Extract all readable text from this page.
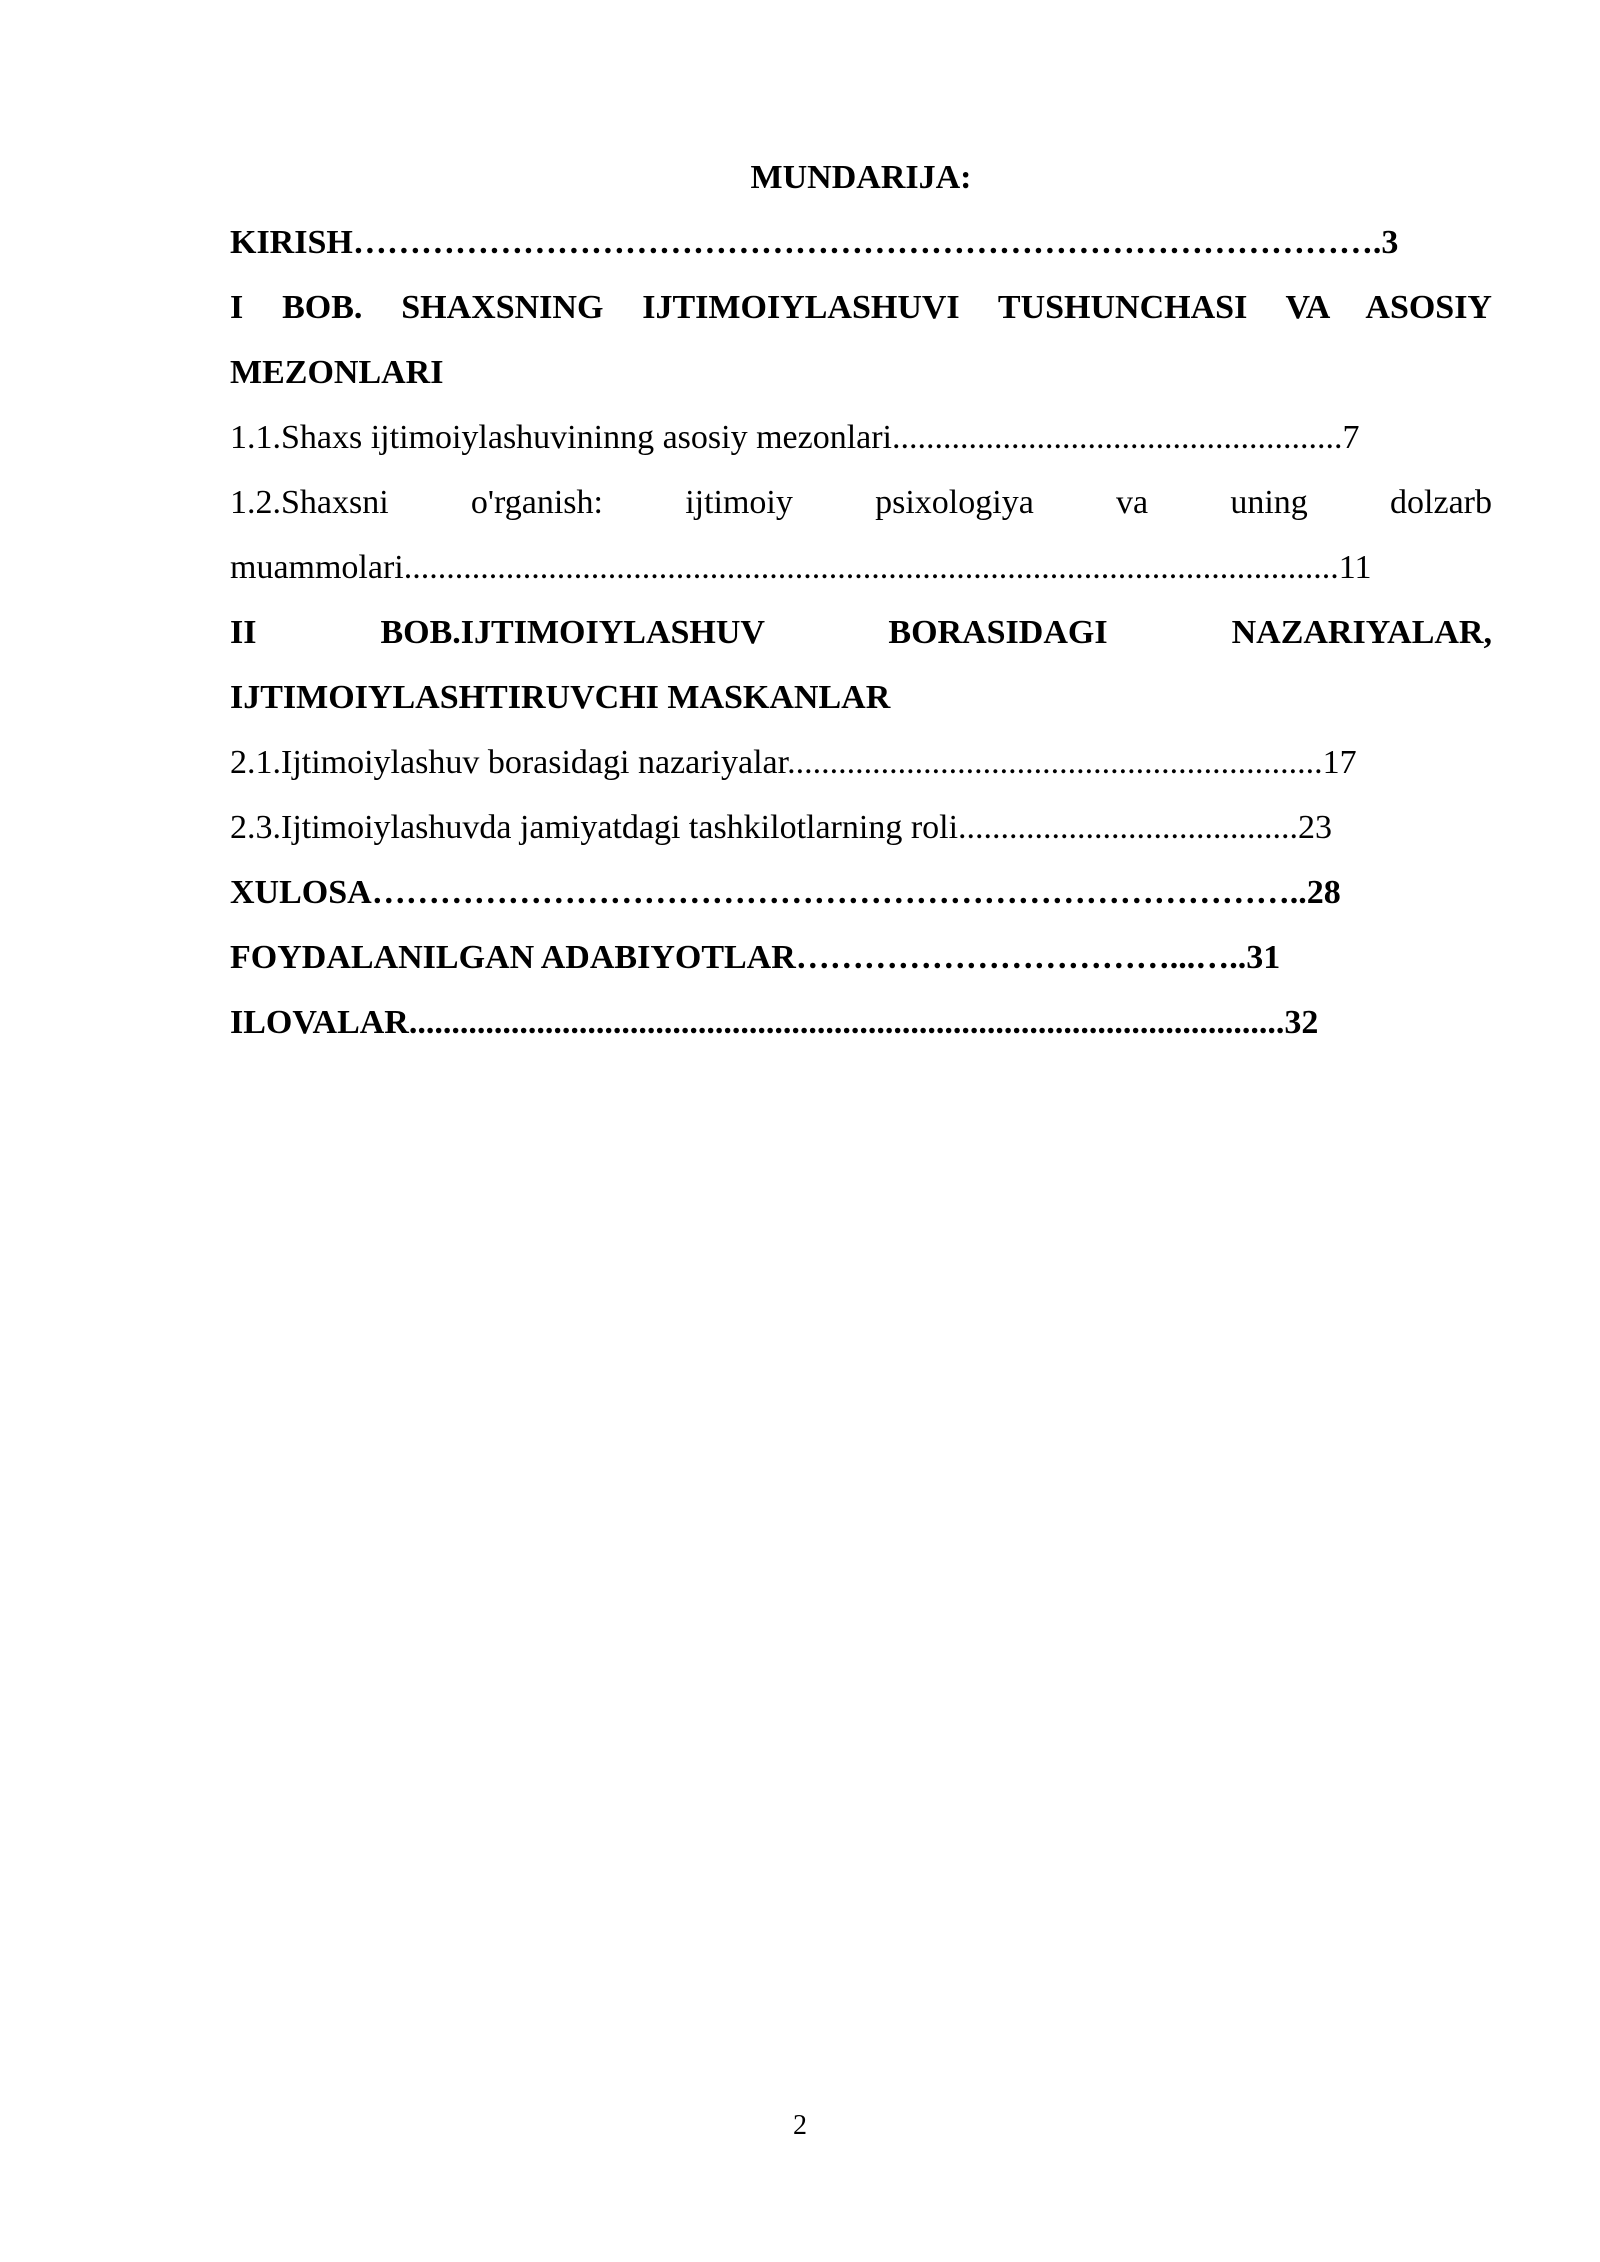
MUNDARIJA:

KIRISH……………………………………………………………………………….3

I BOB. SHAXSNING IJTIMOIYLASHUVI TUSHUNCHASI VA ASOSIY

MEZONLARI

1.1.Shaxs ijtimoiylashuvininng asosiy mezonlari.....................................................7

1.2.Shaxsni o'rganish: ijtimoiy psixologiya va uning dolzarb

muammolari..............................................................................................................11

II BOB.IJTIMOIYLASHUV BORASIDAGI NAZARIYALAR,

IJTIMOIYLASHTIRUVCHI MASKANLAR

2.1.Ijtimoiylashuv borasidagi nazariyalar...............................................................17

2.3.Ijtimoiylashuvda jamiyatdagi tashkilotlarning roli........................................23

XULOSA………………………………………………………………………..28

FOYDALANILGAN ADABIYOTLAR……………………………...…..31

ILOVALAR.......................................................................................................32

2
